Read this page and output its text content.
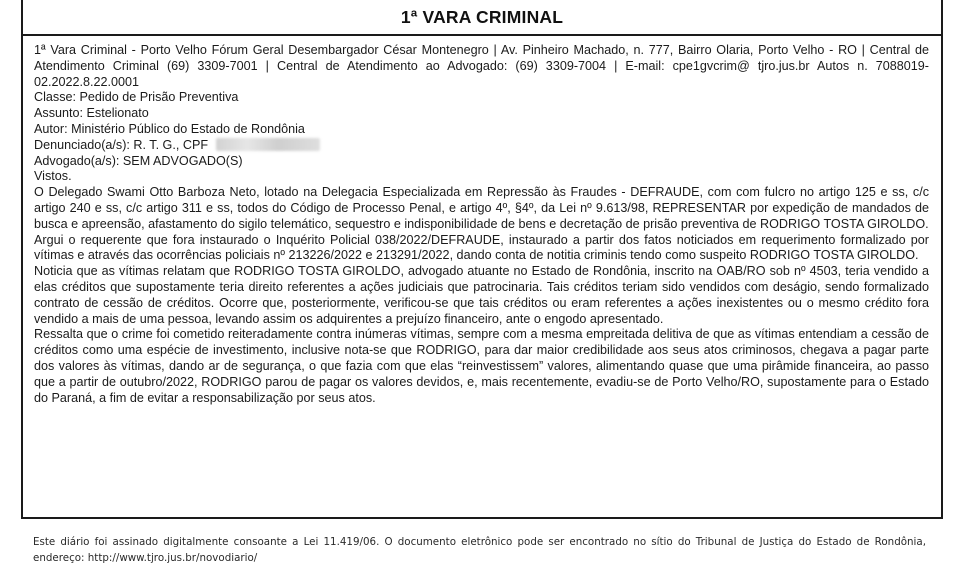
1ª VARA CRIMINAL

1ª Vara Criminal - Porto Velho Fórum Geral Desembargador César Montenegro | Av. Pinheiro Machado, n. 777, Bairro Olaria, Porto Velho - RO | Central de Atendimento Criminal (69) 3309-7001 | Central de Atendimento ao Advogado: (69) 3309-7004 | E-mail: cpe1gvcrim@ tjro.jus.br Autos n. 7088019-02.2022.8.22.0001

Classe: Pedido de Prisão Preventiva

Assunto: Estelionato

Autor: Ministério Público do Estado de Rondônia

Denunciado(a/s): R. T. G., CPF

Advogado(a/s): SEM ADVOGADO(S)

Vistos.

O Delegado Swami Otto Barboza Neto, lotado na Delegacia Especializada em Repressão às Fraudes - DEFRAUDE, com com fulcro no artigo 125 e ss, c/c artigo 240 e ss, c/c artigo 311 e ss, todos do Código de Processo Penal, e artigo 4º, §4º, da Lei nº 9.613/98, REPRESENTAR por expedição de mandados de busca e apreensão, afastamento do sigilo telemático, sequestro e indisponibilidade de bens e decretação de prisão preventiva de RODRIGO TOSTA GIROLDO.

Argui o requerente que fora instaurado o Inquérito Policial 038/2022/DEFRAUDE, instaurado a partir dos fatos noticiados em requerimento formalizado por vítimas e através das ocorrências policiais nº 213226/2022 e 213291/2022, dando conta de notitia criminis tendo como suspeito RODRIGO TOSTA GIROLDO.

Noticia que as vítimas relatam que RODRIGO TOSTA GIROLDO, advogado atuante no Estado de Rondônia, inscrito na OAB/RO sob nº 4503, teria vendido a elas créditos que supostamente teria direito referentes a ações judiciais que patrocinaria. Tais créditos teriam sido vendidos com deságio, sendo formalizado contrato de cessão de créditos. Ocorre que, posteriormente, verificou-se que tais créditos ou eram referentes a ações inexistentes ou o mesmo crédito fora vendido a mais de uma pessoa, levando assim os adquirentes a prejuízo financeiro, ante o engodo apresentado.

Ressalta que o crime foi cometido reiteradamente contra inúmeras vítimas, sempre com a mesma empreitada delitiva de que as vítimas entendiam a cessão de créditos como uma espécie de investimento, inclusive nota-se que RODRIGO, para dar maior credibilidade aos seus atos criminosos, chegava a pagar parte dos valores às vítimas, dando ar de segurança, o que fazia com que elas “reinvestissem” valores, alimentando quase que uma pirâmide financeira, ao passo que a partir de outubro/2022, RODRIGO parou de pagar os valores devidos, e, mais recentemente, evadiu-se de Porto Velho/RO, supostamente para o Estado do Paraná, a fim de evitar a responsabilização por seus atos.

Este diário foi assinado digitalmente consoante a Lei 11.419/06. O documento eletrônico pode ser encontrado no sítio do Tribunal de Justiça do Estado de Rondônia, endereço: http://www.tjro.jus.br/novodiario/
